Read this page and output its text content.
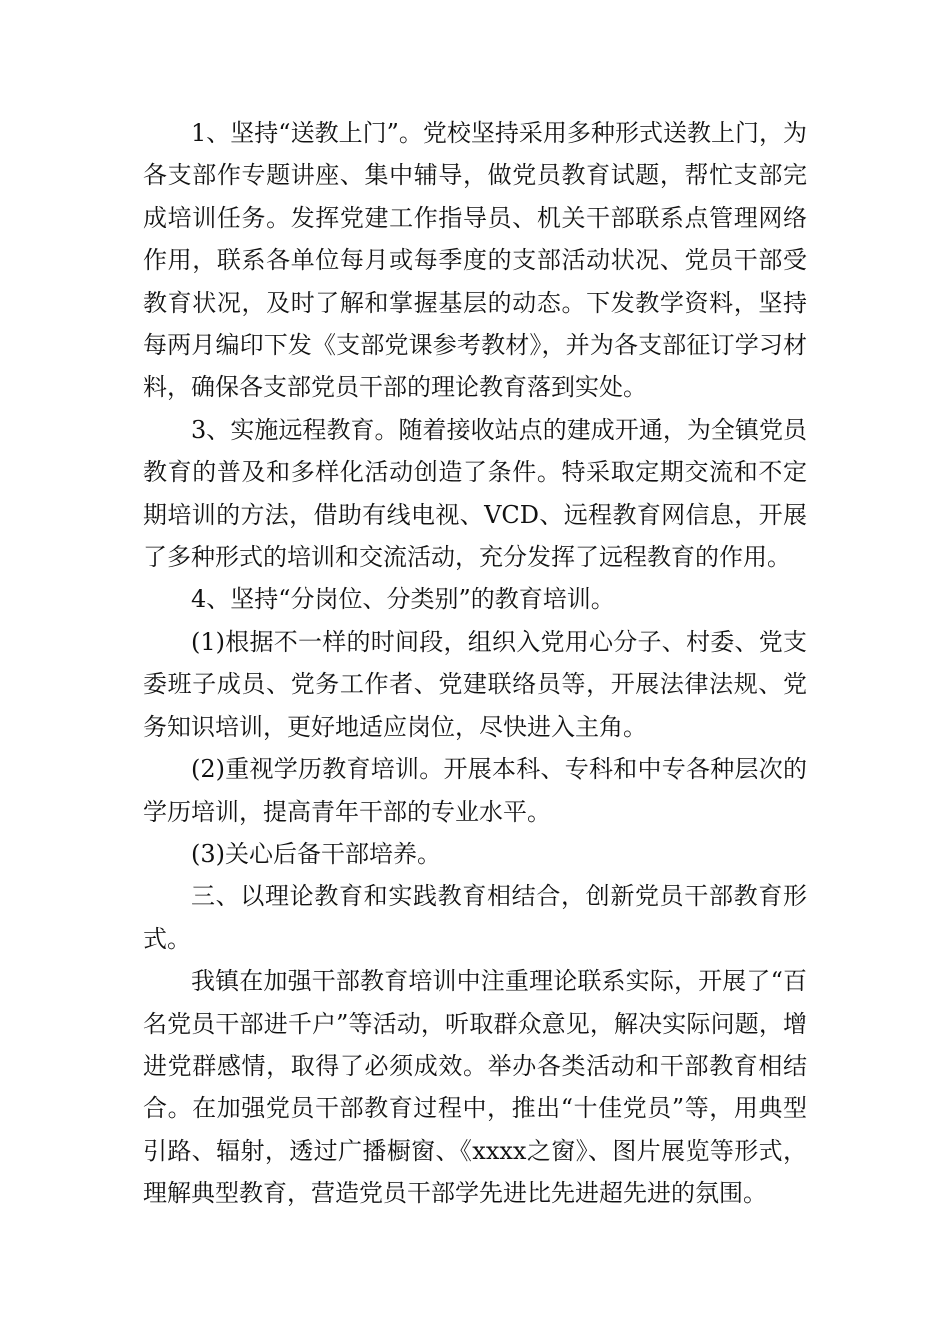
1、坚持“送教上门”。党校坚持采用多种形式送教上门，为各支部作专题讲座、集中辅导，做党员教育试题，帮忙支部完成培训任务。发挥党建工作指导员、机关干部联系点管理网络作用，联系各单位每月或每季度的支部活动状况、党员干部受教育状况，及时了解和掌握基层的动态。下发教学资料，坚持每两月编印下发《支部党课参考教材》，并为各支部征订学习材料，确保各支部党员干部的理论教育落到实处。

3、实施远程教育。随着接收站点的建成开通，为全镇党员教育的普及和多样化活动创造了条件。特采取定期交流和不定期培训的方法，借助有线电视、VCD、远程教育网信息，开展了多种形式的培训和交流活动，充分发挥了远程教育的作用。

4、坚持“分岗位、分类别”的教育培训。

(1)根据不一样的时间段，组织入党用心分子、村委、党支委班子成员、党务工作者、党建联络员等，开展法律法规、党务知识培训，更好地适应岗位，尽快进入主角。

(2)重视学历教育培训。开展本科、专科和中专各种层次的学历培训，提高青年干部的专业水平。

(3)关心后备干部培养。

三、以理论教育和实践教育相结合，创新党员干部教育形式。

我镇在加强干部教育培训中注重理论联系实际，开展了“百名党员干部进千户”等活动，听取群众意见，解决实际问题，增进党群感情，取得了必须成效。举办各类活动和干部教育相结合。在加强党员干部教育过程中，推出“十佳党员”等，用典型引路、辐射，透过广播橱窗、《xxxx之窗》、图片展览等形式，理解典型教育，营造党员干部学先进比先进超先进的氛围。
